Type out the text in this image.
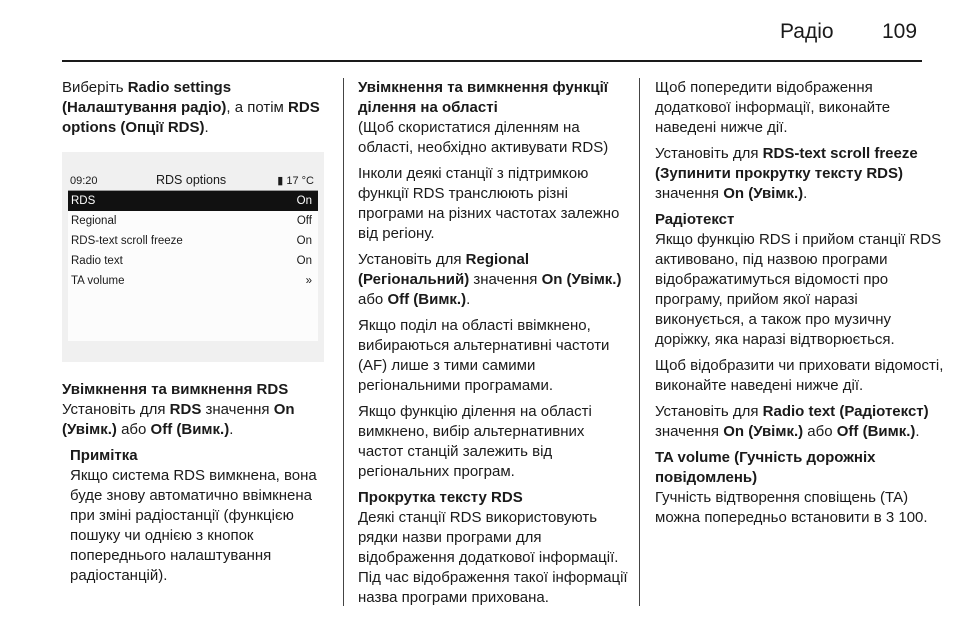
Радіо 109

Виберіть Radio settings (Налаштування радіо), а потім RDS options (Опції RDS).

09:20	RDS options	▮ 17 °C
RDS	On
Regional	Off
RDS-text scroll freeze	On
Radio text	On
TA volume	»
Увімкнення та вимкнення RDS

Установіть для RDS значення On (Увімк.) або Off (Вимк.).

Примітка
Якщо система RDS вимкнена, вона буде знову автоматично ввімкнена при зміні радіостанції (функцією пошуку чи однією з кнопок попереднього налаштування радіостанцій).
Увімкнення та вимкнення функції ділення на області

(Щоб скористатися діленням на області, необхідно активувати RDS)

Інколи деякі станції з підтримкою функції RDS транслюють різні програми на різних частотах залежно від регіону.

Установіть для Regional (Регіональний) значення On (Увімк.) або Off (Вимк.).

Якщо поділ на області ввімкнено, вибираються альтернативні частоти (AF) лише з тими самими регіональними програмами.

Якщо функцію ділення на області вимкнено, вибір альтернативних частот станцій залежить від регіональних програм.

Прокрутка тексту RDS

Деякі станції RDS використовують рядки назви програми для відображення додаткової інформації. Під час відображення такої інформації назва програми прихована.

Щоб попередити відображення додаткової інформації, виконайте наведені нижче дії.

Установіть для RDS-text scroll freeze (Зупинити прокрутку тексту RDS) значення On (Увімк.).

Радіотекст

Якщо функцію RDS і прийом станції RDS активовано, під назвою програми відображатимуться відомості про програму, прийом якої наразі виконується, а також про музичну доріжку, яка наразі відтворюється.

Щоб відобразити чи приховати відомості, виконайте наведені нижче дії.

Установіть для Radio text (Радіотекст) значення On (Увімк.) або Off (Вимк.).

TA volume (Гучність дорожніх повідомлень)

Гучність відтворення сповіщень (TA) можна попередньо встановити в 3 100.
